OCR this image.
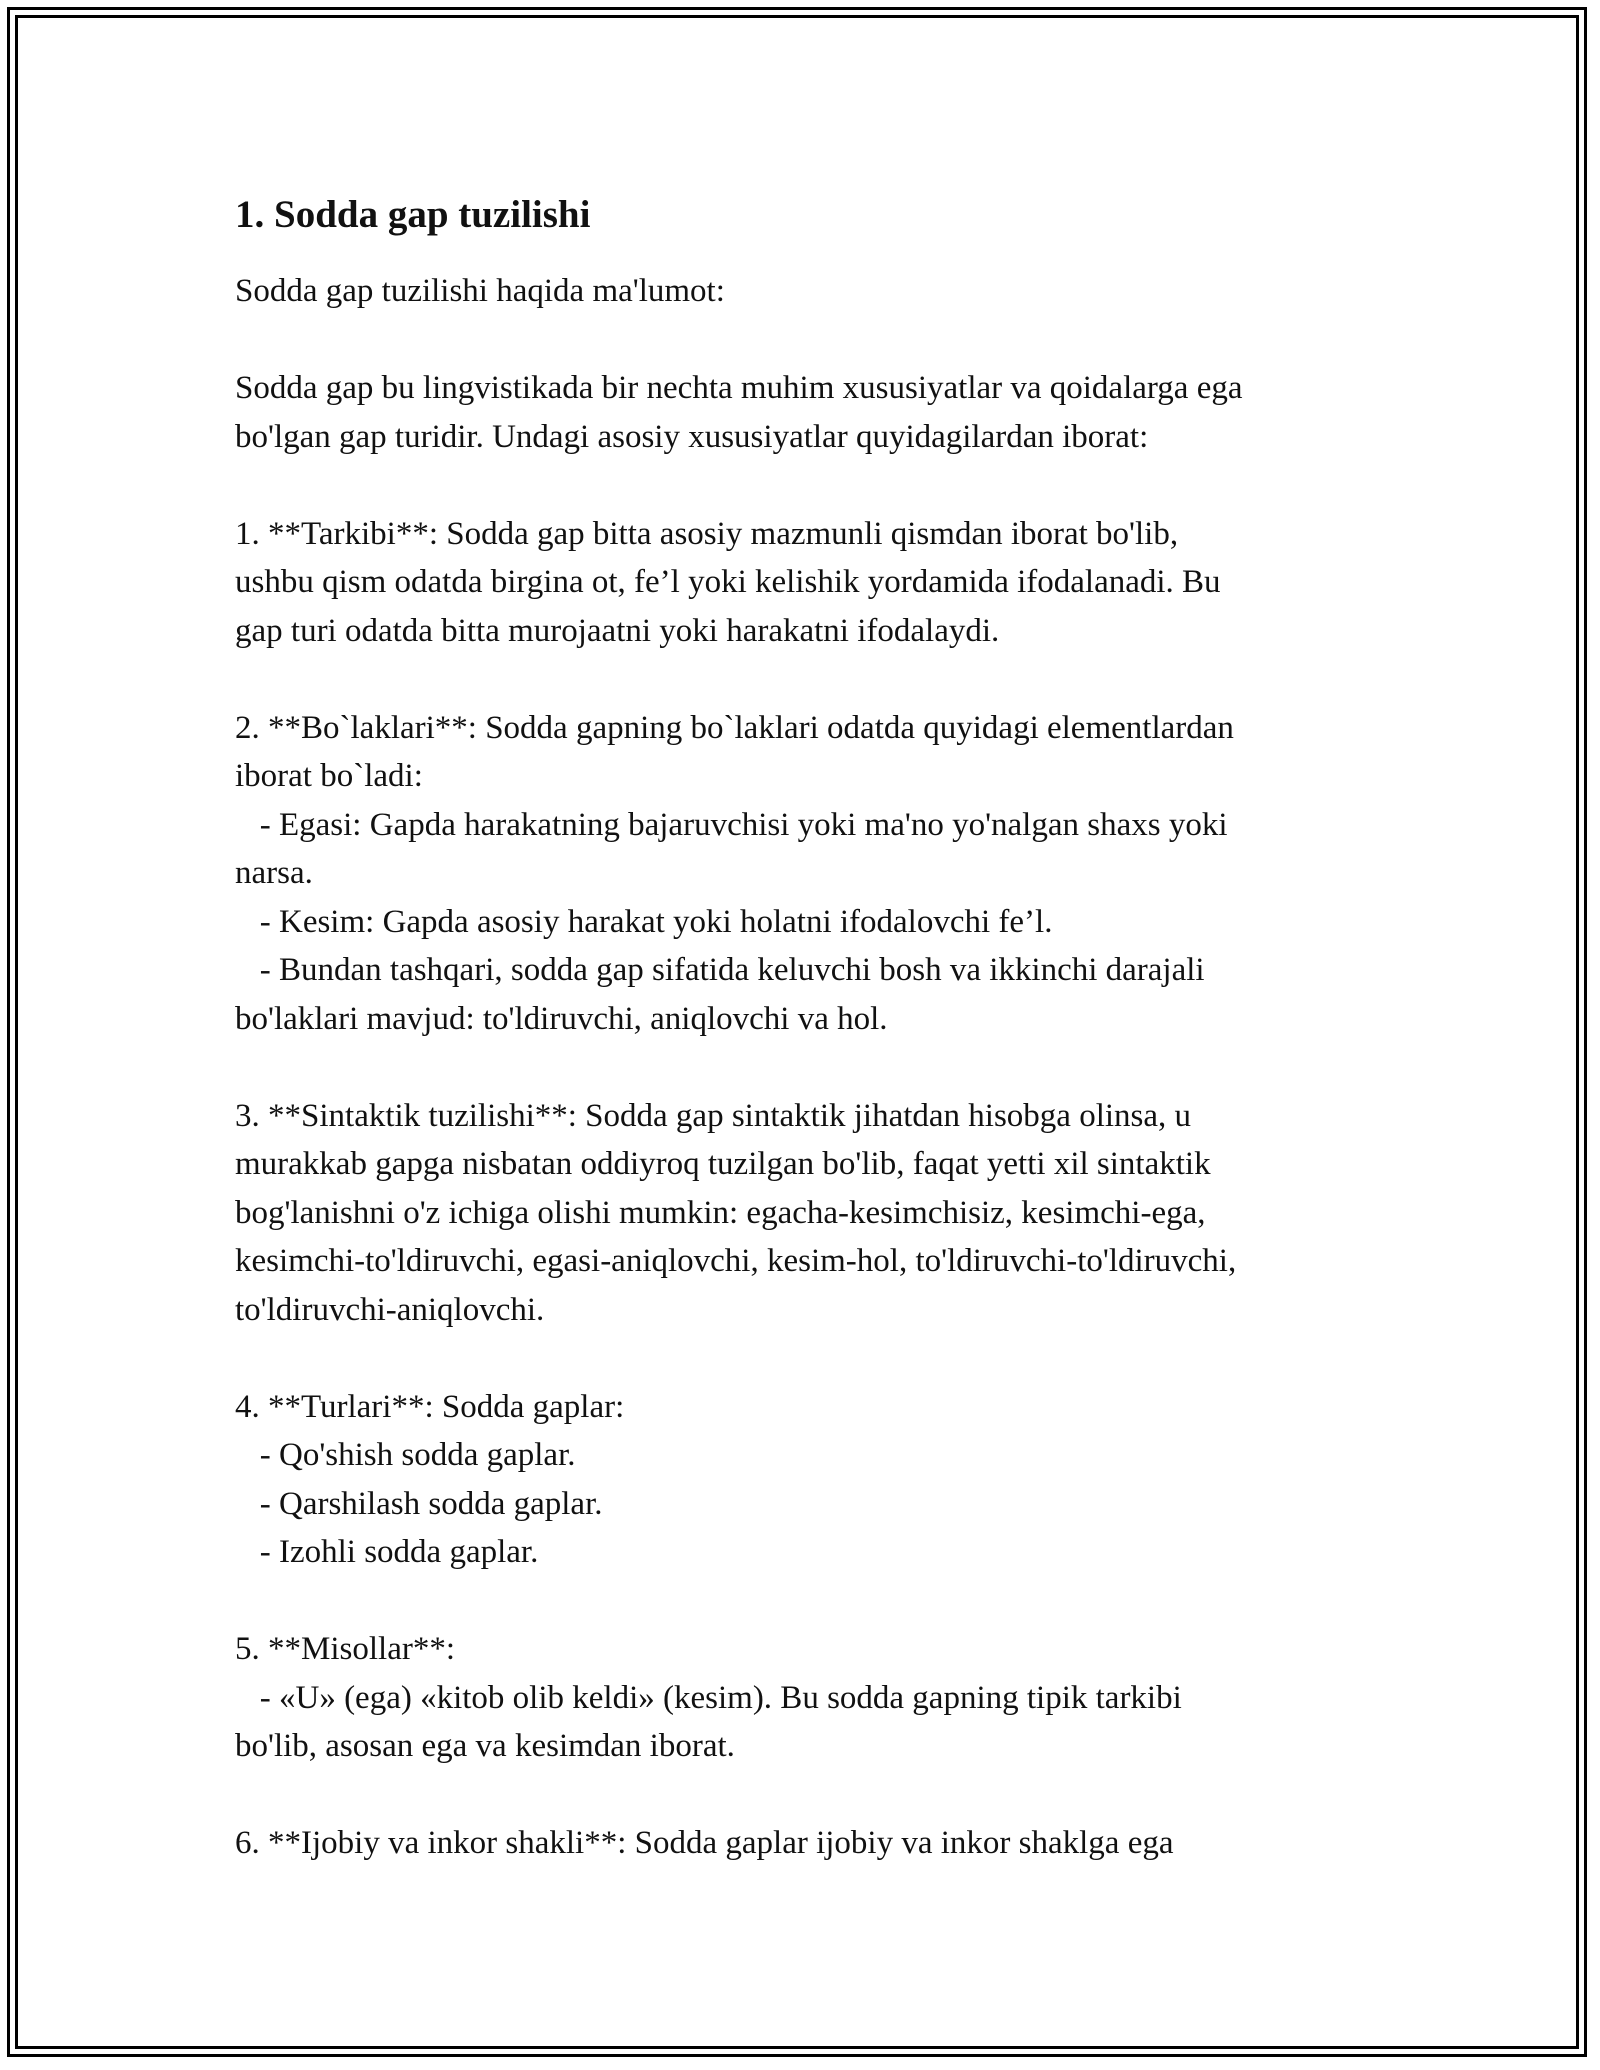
1. Sodda gap tuzilishi
Sodda gap tuzilishi haqida ma'lumot:

Sodda gap bu lingvistikada bir nechta muhim xususiyatlar va qoidalarga ega
bo'lgan gap turidir. Undagi asosiy xususiyatlar quyidagilardan iborat:

1. **Tarkibi**: Sodda gap bitta asosiy mazmunli qismdan iborat bo'lib,
ushbu qism odatda birgina ot, fe’l yoki kelishik yordamida ifodalanadi. Bu
gap turi odatda bitta murojaatni yoki harakatni ifodalaydi.

2. **Bo`laklari**: Sodda gapning bo`laklari odatda quyidagi elementlardan
iborat bo`ladi:
- Egasi: Gapda harakatning bajaruvchisi yoki ma'no yo'nalgan shaxs yoki
narsa.
- Kesim: Gapda asosiy harakat yoki holatni ifodalovchi fe’l.
- Bundan tashqari, sodda gap sifatida keluvchi bosh va ikkinchi darajali
bo'laklari mavjud: to'ldiruvchi, aniqlovchi va hol.

3. **Sintaktik tuzilishi**: Sodda gap sintaktik jihatdan hisobga olinsa, u
murakkab gapga nisbatan oddiyroq tuzilgan bo'lib, faqat yetti xil sintaktik
bog'lanishni o'z ichiga olishi mumkin: egacha-kesimchisiz, kesimchi-ega,
kesimchi-to'ldiruvchi, egasi-aniqlovchi, kesim-hol, to'ldiruvchi-to'ldiruvchi,
to'ldiruvchi-aniqlovchi.

4. **Turlari**: Sodda gaplar:
- Qo'shish sodda gaplar.
- Qarshilash sodda gaplar.
- Izohli sodda gaplar.

5. **Misollar**:
- «U» (ega) «kitob olib keldi» (kesim). Bu sodda gapning tipik tarkibi
bo'lib, asosan ega va kesimdan iborat.

6. **Ijobiy va inkor shakli**: Sodda gaplar ijobiy va inkor shaklga ega
